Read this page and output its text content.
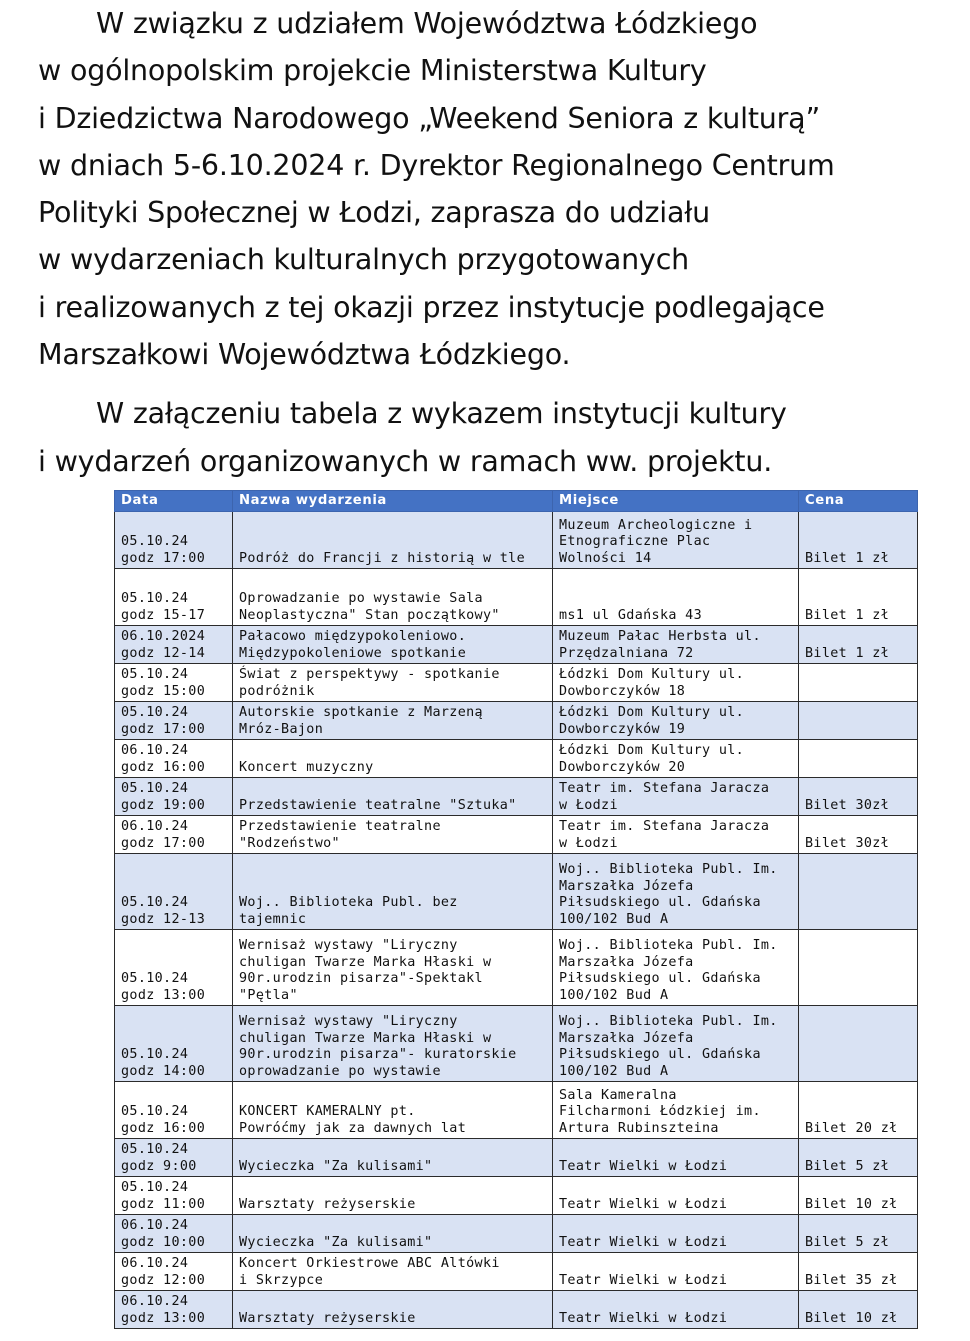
W związku z udziałem Województwa Łódzkiego
w ogólnopolskim projekcie Ministerstwa Kultury
i Dziedzictwa Narodowego „Weekend Seniora z kulturą”
w dniach 5-6.10.2024 r. Dyrektor Regionalnego Centrum
Polityki Społecznej w Łodzi, zaprasza do udziału
w wydarzeniach kulturalnych przygotowanych
i realizowanych z tej okazji przez instytucje podlegające
Marszałkowi Województwa Łódzkiego.
W załączeniu tabela z wykazem instytucji kultury
i wydarzeń organizowanych w ramach ww. projektu.
Data	Nazwa wydarzenia	Miejsce	Cena

05.10.24
godz 17:00	Podróż do Francji z historią w tle	Muzeum Archeologiczne i
Etnograficzne Plac
Wolności 14	Bilet 1 zł

05.10.24
godz 15-17	Oprowadzanie po wystawie Sala
Neoplastyczna" Stan początkowy"	ms1 ul Gdańska 43	Bilet 1 zł

06.10.2024
godz 12-14	Pałacowo międzypokoleniowo.
Międzypokoleniowe spotkanie	Muzeum Pałac Herbsta ul.
Przędzalniana 72	Bilet 1 zł

05.10.24
godz 15:00	Świat z perspektywy - spotkanie
podróżnik	Łódzki Dom Kultury ul.
Dowborczyków 18	

05.10.24
godz 17:00	Autorskie spotkanie z Marzeną
Mróz-Bajon	Łódzki Dom Kultury ul.
Dowborczyków 19	

06.10.24
godz 16:00	Koncert muzyczny	Łódzki Dom Kultury ul.
Dowborczyków 20	

05.10.24
godz 19:00	Przedstawienie teatralne "Sztuka"	Teatr im. Stefana Jaracza
w Łodzi	Bilet 30zł

06.10.24
godz 17:00	Przedstawienie teatralne
"Rodzeństwo"	Teatr im. Stefana Jaracza
w Łodzi	Bilet 30zł

05.10.24
godz 12-13	Woj.. Biblioteka Publ. bez
tajemnic	Woj.. Biblioteka Publ. Im.
Marszałka Józefa
Piłsudskiego ul. Gdańska
100/102 Bud A	

05.10.24
godz 13:00	Wernisaż wystawy "Liryczny
chuligan Twarze Marka Hłaski w
90r.urodzin pisarza"-Spektakl
"Pętla"	Woj.. Biblioteka Publ. Im.
Marszałka Józefa
Piłsudskiego ul. Gdańska
100/102 Bud A	

05.10.24
godz 14:00	Wernisaż wystawy "Liryczny
chuligan Twarze Marka Hłaski w
90r.urodzin pisarza"- kuratorskie
oprowadzanie po wystawie	Woj.. Biblioteka Publ. Im.
Marszałka Józefa
Piłsudskiego ul. Gdańska
100/102 Bud A	

05.10.24
godz 16:00	KONCERT KAMERALNY pt.
Powróćmy jak za dawnych lat	Sala Kameralna
Filcharmoni Łódzkiej im.
Artura Rubinszteina	Bilet 20 zł

05.10.24
godz 9:00	Wycieczka "Za kulisami"	Teatr Wielki w Łodzi	Bilet 5 zł

05.10.24
godz 11:00	Warsztaty reżyserskie	Teatr Wielki w Łodzi	Bilet 10 zł

06.10.24
godz 10:00	Wycieczka "Za kulisami"	Teatr Wielki w Łodzi	Bilet 5 zł

06.10.24
godz 12:00	Koncert Orkiestrowe ABC Altówki
i Skrzypce	Teatr Wielki w Łodzi	Bilet 35 zł

06.10.24
godz 13:00	Warsztaty reżyserskie	Teatr Wielki w Łodzi	Bilet 10 zł
